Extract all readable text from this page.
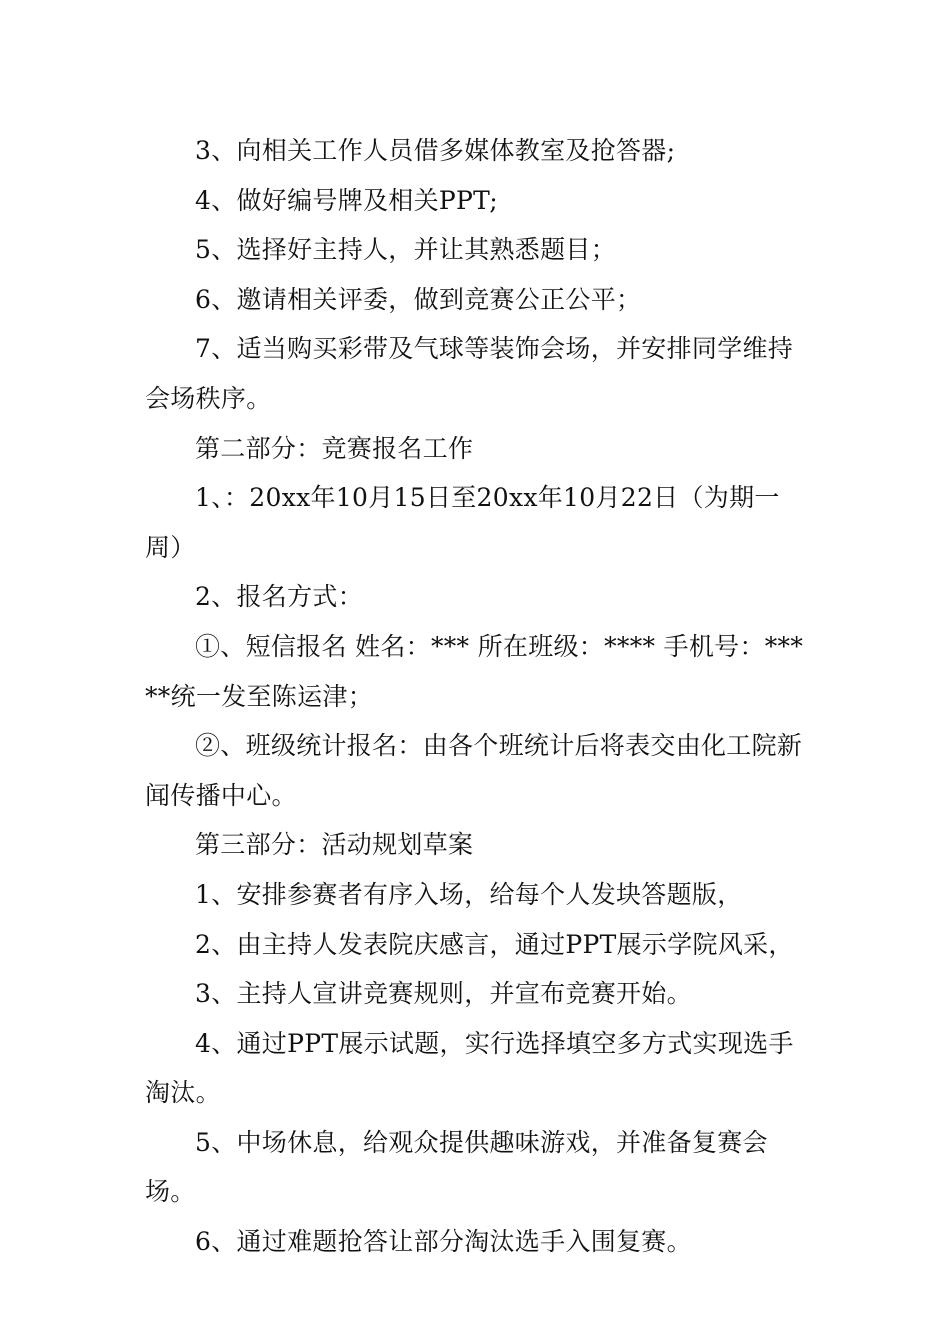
3、向相关工作人员借多媒体教室及抢答器;

4、做好编号牌及相关PPT;

5、选择好主持人，并让其熟悉题目；

6、邀请相关评委，做到竞赛公正公平；

7、适当购买彩带及气球等装饰会场，并安排同学维持会场秩序。

第二部分：竞赛报名工作

1、：20xx年10月15日至20xx年10月22日（为期一周）

2、报名方式：

①、短信报名 姓名：*** 所在班级：**** 手机号：*****统一发至陈运津；

②、班级统计报名：由各个班统计后将表交由化工院新闻传播中心。

第三部分：活动规划草案

1、安排参赛者有序入场，给每个人发块答题版，

2、由主持人发表院庆感言，通过PPT展示学院风采，

3、主持人宣讲竞赛规则，并宣布竞赛开始。

4、通过PPT展示试题，实行选择填空多方式实现选手淘汰。

5、中场休息，给观众提供趣味游戏，并准备复赛会场。

6、通过难题抢答让部分淘汰选手入围复赛。
